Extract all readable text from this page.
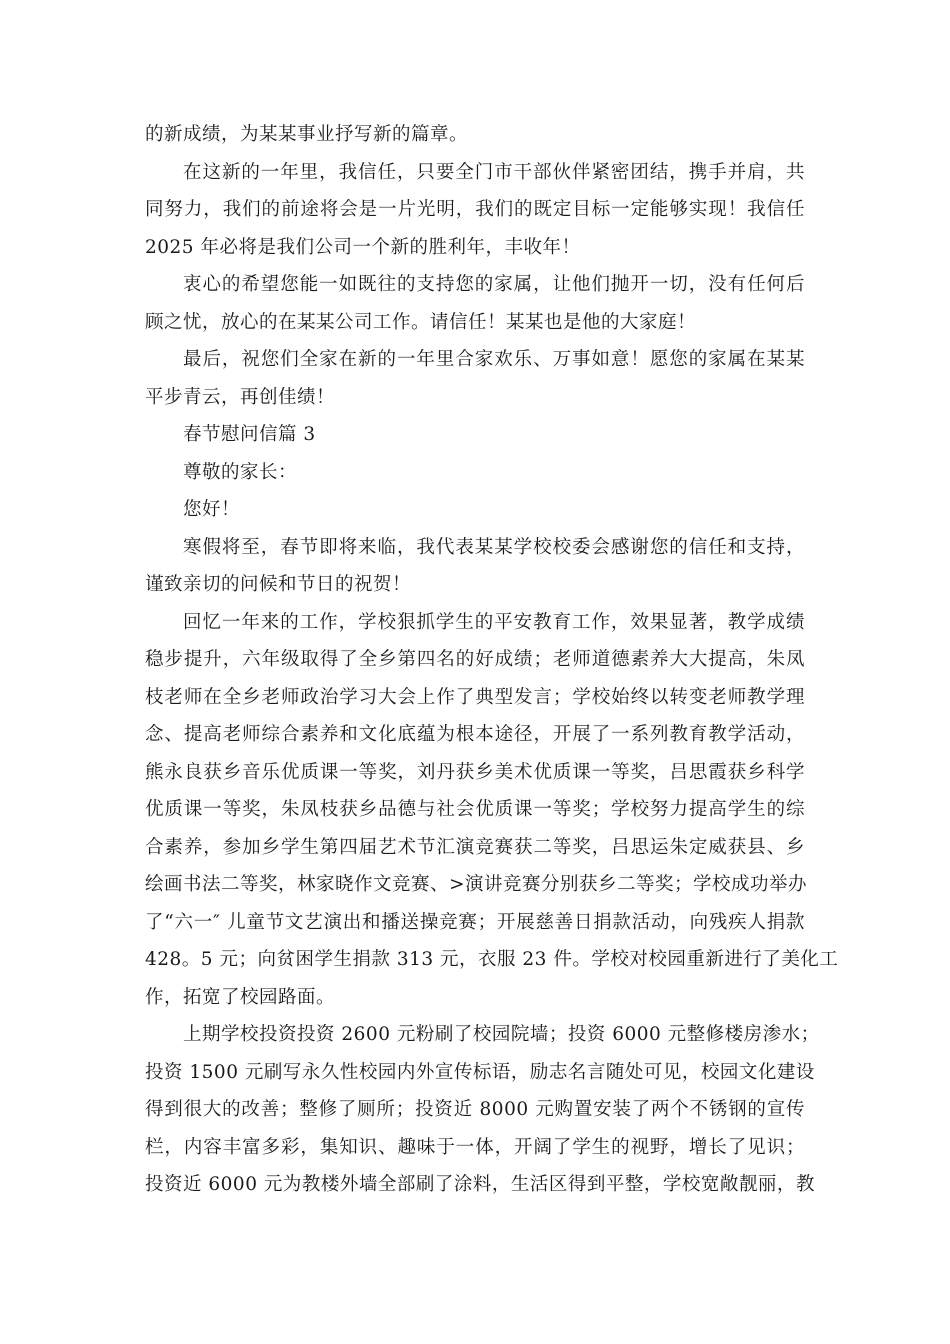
的新成绩，为某某事业抒写新的篇章。

在这新的一年里，我信任，只要全门市干部伙伴紧密团结，携手并肩，共
同努力，我们的前途将会是一片光明，我们的既定目标一定能够实现！我信任
2025 年必将是我们公司一个新的胜利年，丰收年！

衷心的希望您能一如既往的支持您的家属，让他们抛开一切，没有任何后
顾之忧，放心的在某某公司工作。请信任！某某也是他的大家庭！

最后，祝您们全家在新的一年里合家欢乐、万事如意！愿您的家属在某某
平步青云，再创佳绩！

春节慰问信篇 3

尊敬的家长：

您好！

寒假将至，春节即将来临，我代表某某学校校委会感谢您的信任和支持，
谨致亲切的问候和节日的祝贺！

回忆一年来的工作，学校狠抓学生的平安教育工作，效果显著，教学成绩
稳步提升，六年级取得了全乡第四名的好成绩；老师道德素养大大提高，朱凤
枝老师在全乡老师政治学习大会上作了典型发言；学校始终以转变老师教学理
念、提高老师综合素养和文化底蕴为根本途径，开展了一系列教育教学活动，
熊永良获乡音乐优质课一等奖，刘丹获乡美术优质课一等奖，吕思霞获乡科学
优质课一等奖，朱凤枝获乡品德与社会优质课一等奖；学校努力提高学生的综
合素养，参加乡学生第四届艺术节汇演竞赛获二等奖，吕思运朱定威获县、乡
绘画书法二等奖，林家晓作文竞赛、>演讲竞赛分别获乡二等奖；学校成功举办
了“六一″ 儿童节文艺演出和播送操竞赛；开展慈善日捐款活动，向残疾人捐款
428。5 元；向贫困学生捐款 313 元，衣服 23 件。学校对校园重新进行了美化工
作，拓宽了校园路面。

上期学校投资投资 2600 元粉刷了校园院墙；投资 6000 元整修楼房渗水；
投资 1500 元刷写永久性校园内外宣传标语，励志名言随处可见，校园文化建设
得到很大的改善；整修了厕所；投资近 8000 元购置安装了两个不锈钢的宣传
栏，内容丰富多彩，集知识、趣味于一体，开阔了学生的视野，增长了见识；
投资近 6000 元为教楼外墙全部刷了涂料，生活区得到平整，学校宽敞靓丽，教
